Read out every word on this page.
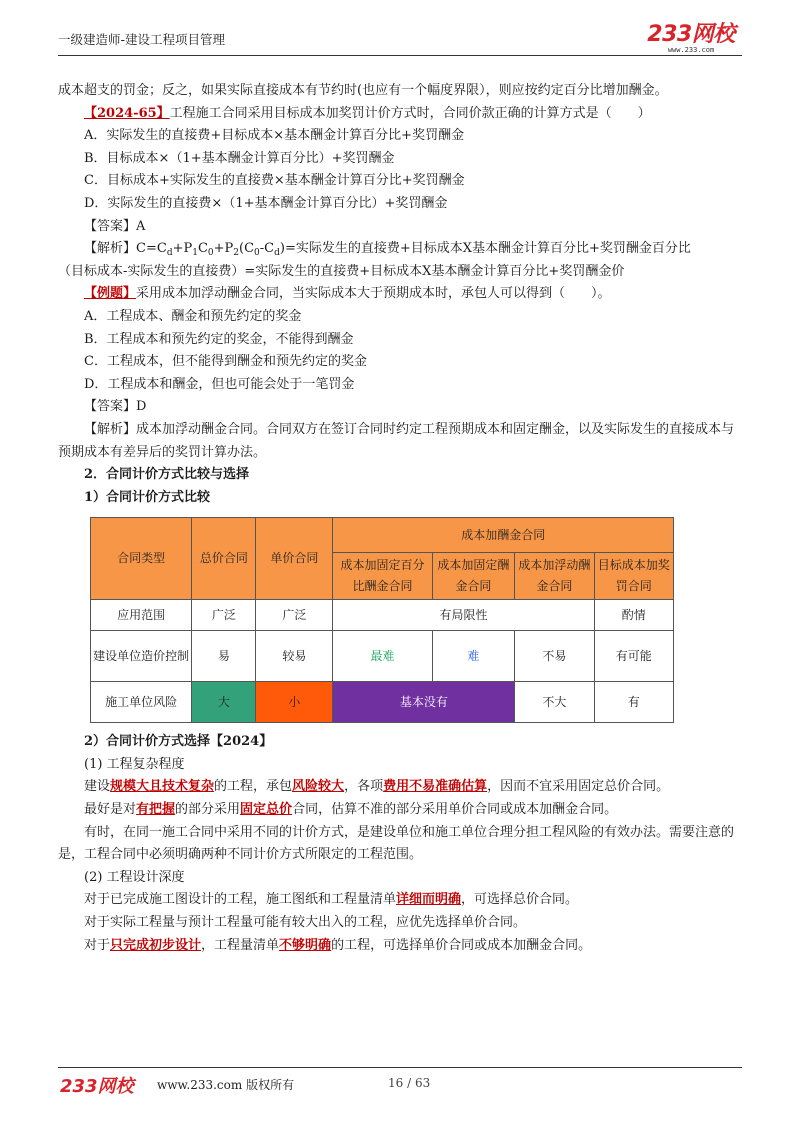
一级建造师-建设工程项目管理	233网校
www.233.com

成本超支的罚金；反之，如果实际直接成本有节约时(也应有一个幅度界限），则应按约定百分比增加酬金。

【2024-65】工程施工合同采用目标成本加奖罚计价方式时，合同价款正确的计算方式是（　　）

A．实际发生的直接费+目标成本×基本酬金计算百分比+奖罚酬金

B．目标成本×（1+基本酬金计算百分比）+奖罚酬金

C．目标成本+实际发生的直接费×基本酬金计算百分比+奖罚酬金

D．实际发生的直接费×（1+基本酬金计算百分比）+奖罚酬金

【答案】A

【解析】$C=C_d+P_1C_0+P_2(C_0-C_d)=$实际发生的直接费+目标成本X基本酬金计算百分比+奖罚酬金百分比

（目标成本-实际发生的直接费）=实际发生的直接费+目标成本X基本酬金计算百分比+奖罚酬金价

【例题】采用成本加浮动酬金合同，当实际成本大于预期成本时，承包人可以得到（　　）。

A．工程成本、酬金和预先约定的奖金

B．工程成本和预先约定的奖金，不能得到酬金

C．工程成本，但不能得到酬金和预先约定的奖金

D．工程成本和酬金，但也可能会处于一笔罚金

【答案】D

【解析】成本加浮动酬金合同。合同双方在签订合同时约定工程预期成本和固定酬金，以及实际发生的直接成本与预期成本有差异后的奖罚计算办法。

2．合同计价方式比较与选择

1）合同计价方式比较

合同类型	总价合同	单价合同	成本加酬金合同			
			成本加固定百分比酬金合同	成本加固定酬金合同	成本加浮动酬金合同	目标成本加奖罚合同
应用范围	广泛	广泛	有局限性			酌情
建设单位造价控制	易	较易	最难	难	不易	有可能
施工单位风险	大	小	基本没有		不大	有

2）合同计价方式选择【2024】

(1) 工程复杂程度

建设规模大且技术复杂的工程，承包风险较大，各项费用不易准确估算，因而不宜采用固定总价合同。

最好是对有把握的部分采用固定总价合同，估算不准的部分采用单价合同或成本加酬金合同。

有时，在同一施工合同中采用不同的计价方式，是建设单位和施工单位合理分担工程风险的有效办法。需要注意的是，工程合同中必须明确两种不同计价方式所限定的工程范围。

(2) 工程设计深度

对于已完成施工图设计的工程，施工图纸和工程量清单详细而明确，可选择总价合同。

对于实际工程量与预计工程量可能有较大出入的工程，应优先选择单价合同。

对于只完成初步设计，工程量清单不够明确的工程，可选择单价合同或成本加酬金合同。

233网校 www.233.com 版权所有	16 / 63
